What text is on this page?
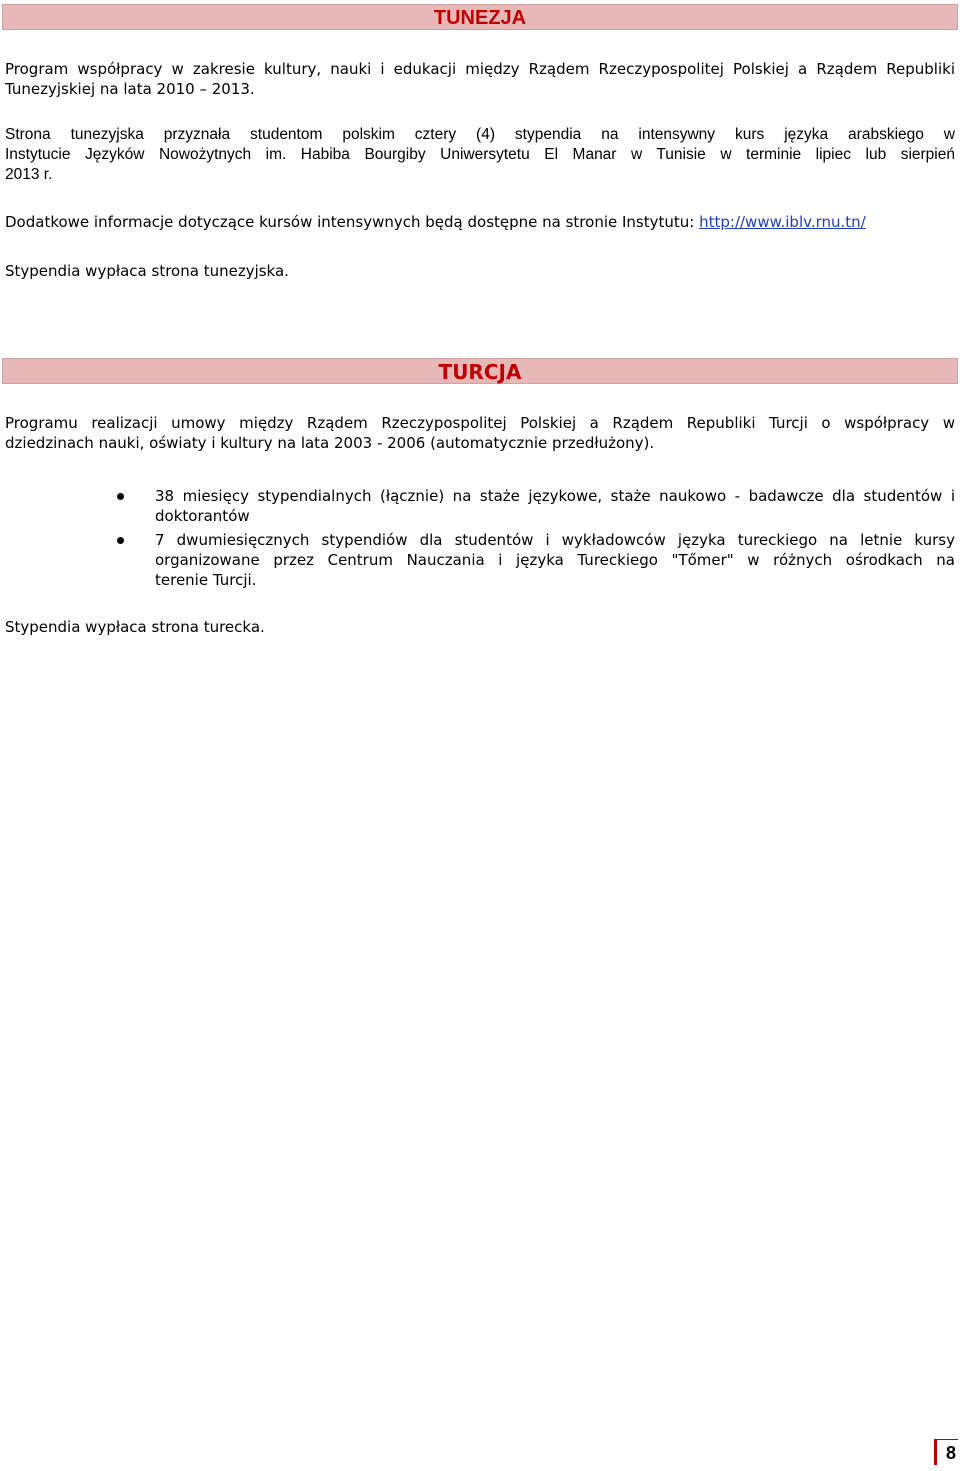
TUNEZJA
Program współpracy w zakresie kultury, nauki i edukacji między Rządem Rzeczypospolitej Polskiej a Rządem Republiki
Tunezyjskiej na lata 2010 – 2013.
Strona tunezyjska przyznała studentom polskim cztery (4) stypendia na intensywny kurs języka arabskiego w
Instytucie Języków Nowożytnych im. Habiba Bourgiby Uniwersytetu El Manar w Tunisie w terminie lipiec lub sierpień
2013 r.
Dodatkowe informacje dotyczące kursów intensywnych będą dostępne na stronie Instytutu: http://www.iblv.rnu.tn/
Stypendia wypłaca strona tunezyjska.
TURCJA
Programu realizacji umowy między Rządem Rzeczypospolitej Polskiej a Rządem Republiki Turcji o współpracy w
dziedzinach nauki, oświaty i kultury na lata 2003 - 2006 (automatycznie przedłużony).
38 miesięcy stypendialnych (łącznie) na staże językowe, staże naukowo - badawcze dla studentów i
doktorantów
7 dwumiesięcznych stypendiów dla studentów i wykładowców języka tureckiego na letnie kursy
organizowane przez Centrum Nauczania i języka Tureckiego "Tőmer" w różnych ośrodkach na
terenie Turcji.
Stypendia wypłaca strona turecka.
8
